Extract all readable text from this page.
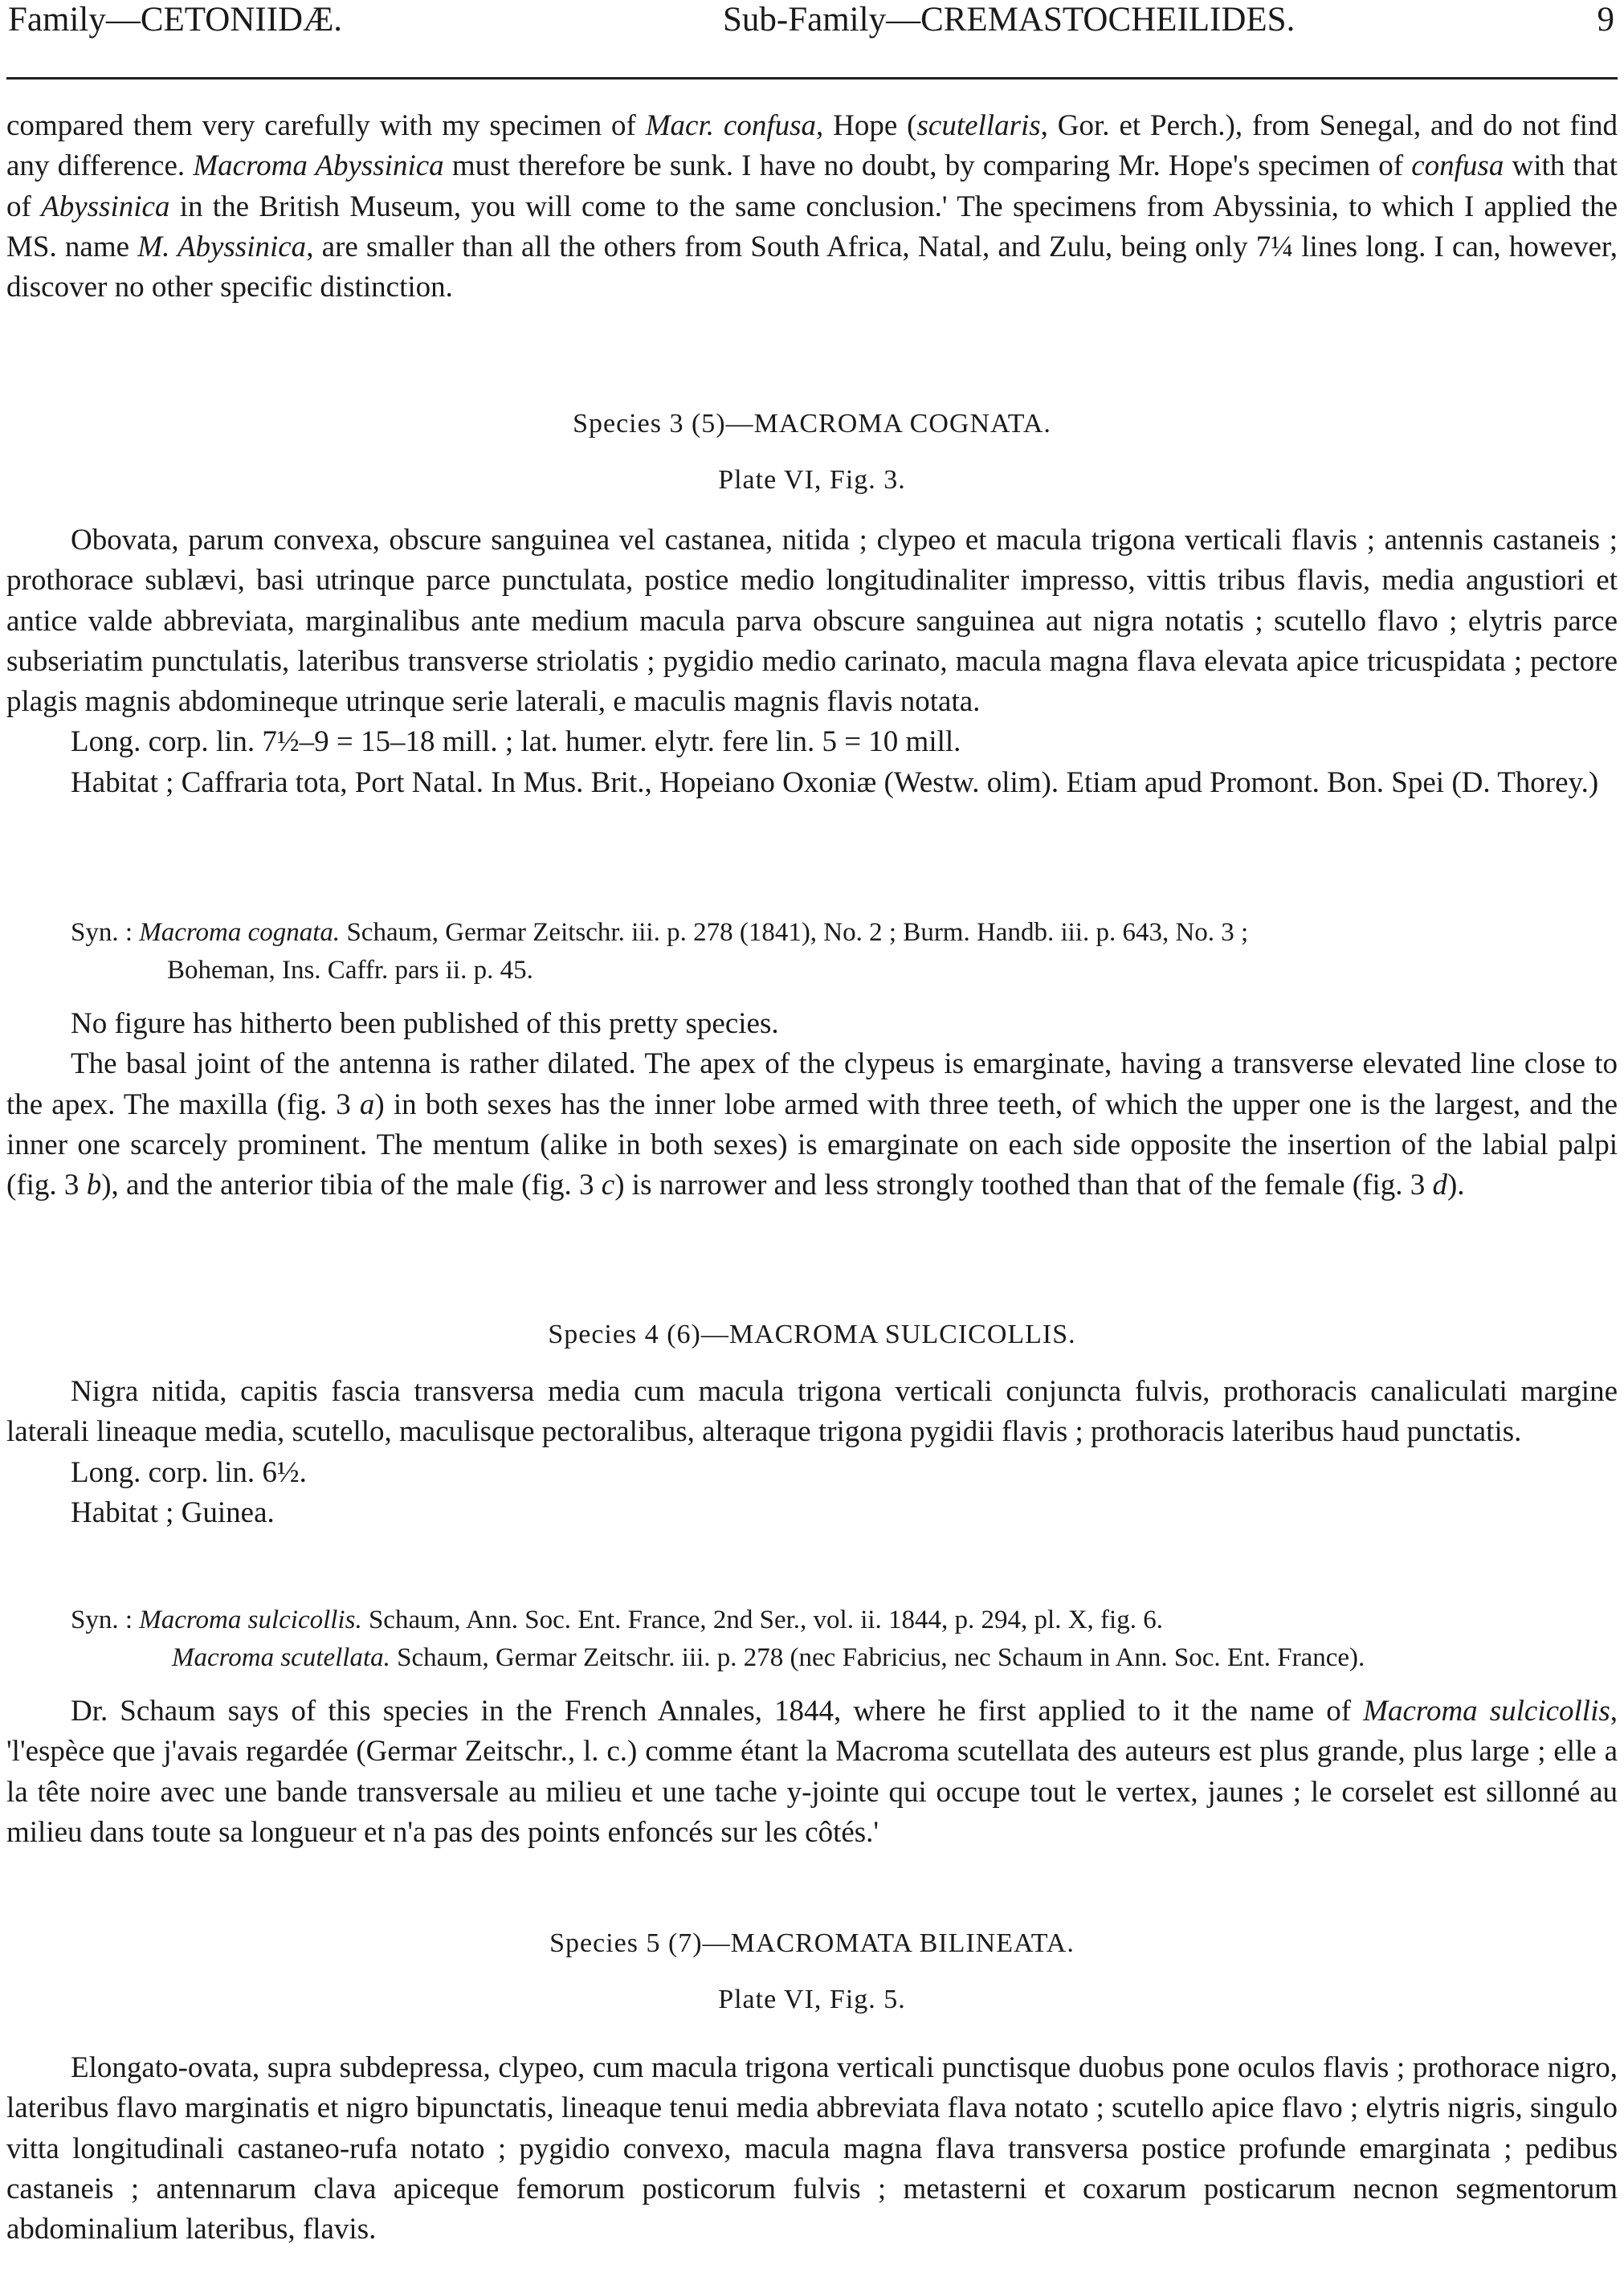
Family—CETONIIDÆ.	Sub-Family—CREMASTOCHEILIDES.	9

compared them very carefully with my specimen of Macr. confusa, Hope (scutellaris, Gor. et Perch.), from Senegal, and do not find any difference. Macroma Abyssinica must therefore be sunk. I have no doubt, by comparing Mr. Hope's specimen of confusa with that of Abyssinica in the British Museum, you will come to the same conclusion.' The specimens from Abyssinia, to which I applied the MS. name M. Abyssinica, are smaller than all the others from South Africa, Natal, and Zulu, being only 7¼ lines long. I can, however, discover no other specific distinction.

Species 3 (5)—MACROMA COGNATA.
Plate VI, Fig. 3.

Obovata, parum convexa, obscure sanguinea vel castanea, nitida ; clypeo et macula trigona verticali flavis ; antennis castaneis ; prothorace sublævi, basi utrinque parce punctulata, postice medio longitudinaliter impresso, vittis tribus flavis, media angustiori et antice valde abbreviata, marginalibus ante medium macula parva obscure sanguinea aut nigra notatis ; scutello flavo ; elytris parce subseriatim punctulatis, lateribus transverse striolatis ; pygidio medio carinato, macula magna flava elevata apice tricuspidata ; pectore plagis magnis abdomineque utrinque serie laterali, e maculis magnis flavis notata.

Long. corp. lin. 7½–9 = 15–18 mill. ; lat. humer. elytr. fere lin. 5 = 10 mill.

Habitat ; Caffraria tota, Port Natal. In Mus. Brit., Hopeiano Oxoniæ (Westw. olim). Etiam apud Promont. Bon. Spei (D. Thorey.)

Syn. : Macroma cognata. Schaum, Germar Zeitschr. iii. p. 278 (1841), No. 2 ; Burm. Handb. iii. p. 643, No. 3 ;
Boheman, Ins. Caffr. pars ii. p. 45.

No figure has hitherto been published of this pretty species.

The basal joint of the antenna is rather dilated. The apex of the clypeus is emarginate, having a transverse elevated line close to the apex. The maxilla (fig. 3 a) in both sexes has the inner lobe armed with three teeth, of which the upper one is the largest, and the inner one scarcely prominent. The mentum (alike in both sexes) is emarginate on each side opposite the insertion of the labial palpi (fig. 3 b), and the anterior tibia of the male (fig. 3 c) is narrower and less strongly toothed than that of the female (fig. 3 d).

Species 4 (6)—MACROMA SULCICOLLIS.

Nigra nitida, capitis fascia transversa media cum macula trigona verticali conjuncta fulvis, prothoracis canaliculati margine laterali lineaque media, scutello, maculisque pectoralibus, alteraque trigona pygidii flavis ; prothoracis lateribus haud punctatis.

Long. corp. lin. 6½.

Habitat ; Guinea.

Syn. : Macroma sulcicollis. Schaum, Ann. Soc. Ent. France, 2nd Ser., vol. ii. 1844, p. 294, pl. X, fig. 6.
Macroma scutellata. Schaum, Germar Zeitschr. iii. p. 278 (nec Fabricius, nec Schaum in Ann. Soc. Ent. France).

Dr. Schaum says of this species in the French Annales, 1844, where he first applied to it the name of Macroma sulcicollis, 'l'espèce que j'avais regardée (Germar Zeitschr., l. c.) comme étant la Macroma scutellata des auteurs est plus grande, plus large ; elle a la tête noire avec une bande transversale au milieu et une tache y-jointe qui occupe tout le vertex, jaunes ; le corselet est sillonné au milieu dans toute sa longueur et n'a pas des points enfoncés sur les côtés.'

Species 5 (7)—MACROMATA BILINEATA.
Plate VI, Fig. 5.

Elongato-ovata, supra subdepressa, clypeo, cum macula trigona verticali punctisque duobus pone oculos flavis ; prothorace nigro, lateribus flavo marginatis et nigro bipunctatis, lineaque tenui media abbreviata flava notato ; scutello apice flavo ; elytris nigris, singulo vitta longitudinali castaneo-rufa notato ; pygidio convexo, macula magna flava transversa postice profunde emarginata ; pedibus castaneis ; antennarum clava apiceque femorum posticorum fulvis ; metasterni et coxarum posticarum necnon segmentorum abdominalium lateribus, flavis.
